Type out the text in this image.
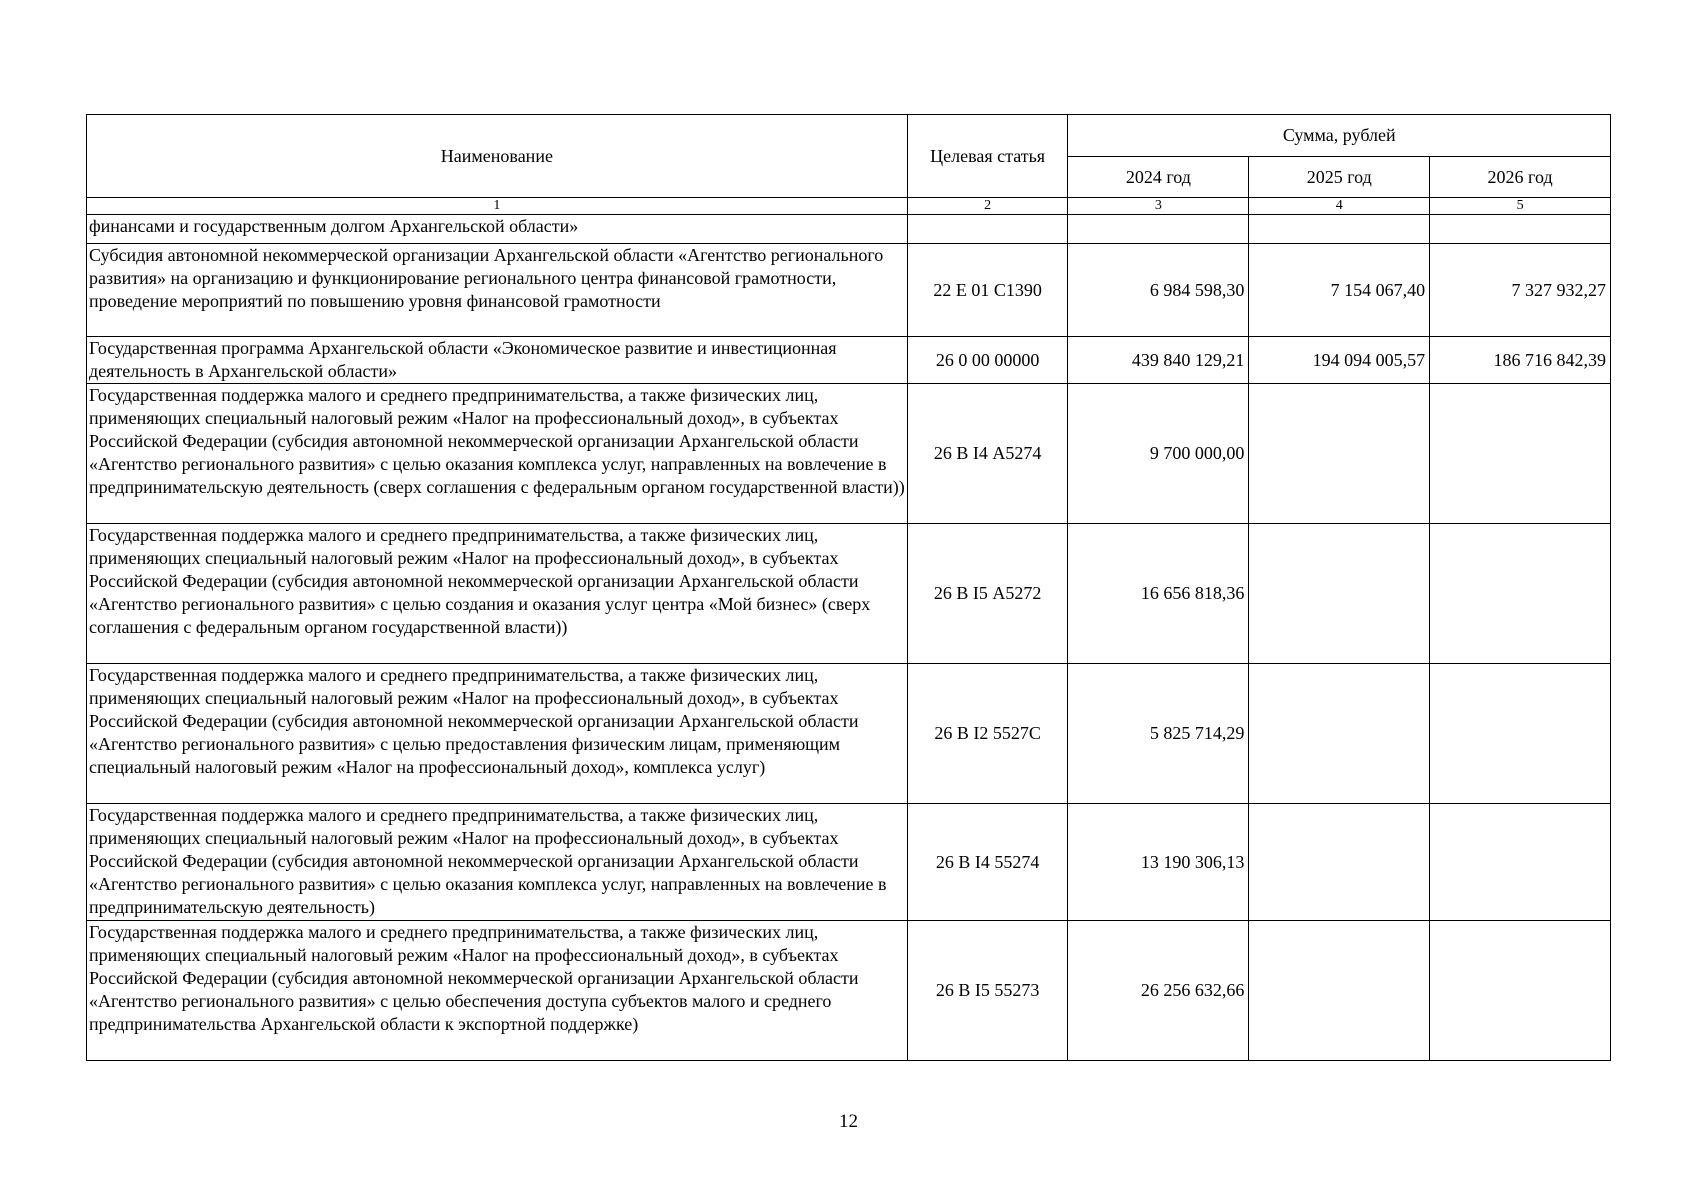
Наименование	Целевая статья	Сумма, рублей		
		2024 год	2025 год	2026 год
1	2	3	4	5
финансами и государственным долгом Архангельской области»				
Субсидия автономной некоммерческой организации Архангельской области «Агентство регионального развития» на организацию и функционирование регионального центра финансовой грамотности, проведение мероприятий по повышению уровня финансовой грамотности	22 Е 01 С1390	6 984 598,30	7 154 067,40	7 327 932,27
Государственная программа Архангельской области «Экономическое развитие и инвестиционная деятельность в Архангельской области»	26 0 00 00000	439 840 129,21	194 094 005,57	186 716 842,39
Государственная поддержка малого и среднего предпринимательства, а также физических лиц, применяющих специальный налоговый режим «Налог на профессиональный доход», в субъектах Российской Федерации (субсидия автономной некоммерческой организации Архангельской области «Агентство регионального развития» с целью оказания комплекса услуг, направленных на вовлечение в предпринимательскую деятельность (сверх соглашения с федеральным органом государственной власти))	26 В I4 А5274	9 700 000,00		
Государственная поддержка малого и среднего предпринимательства, а также физических лиц, применяющих специальный налоговый режим «Налог на профессиональный доход», в субъектах Российской Федерации (субсидия автономной некоммерческой организации Архангельской области «Агентство регионального развития» с целью создания и оказания услуг центра «Мой бизнес» (сверх соглашения с федеральным органом государственной власти))	26 В I5 А5272	16 656 818,36		
Государственная поддержка малого и среднего предпринимательства, а также физических лиц, применяющих специальный налоговый режим «Налог на профессиональный доход», в субъектах Российской Федерации (субсидия автономной некоммерческой организации Архангельской области «Агентство регионального развития» с целью предоставления физическим лицам, применяющим специальный налоговый режим «Налог на профессиональный доход», комплекса услуг)	26 В I2 5527С	5 825 714,29		
Государственная поддержка малого и среднего предпринимательства, а также физических лиц, применяющих специальный налоговый режим «Налог на профессиональный доход», в субъектах Российской Федерации (субсидия автономной некоммерческой организации Архангельской области «Агентство регионального развития» с целью оказания комплекса услуг, направленных на вовлечение в предпринимательскую деятельность)	26 В I4 55274	13 190 306,13		
Государственная поддержка малого и среднего предпринимательства, а также физических лиц, применяющих специальный налоговый режим «Налог на профессиональный доход», в субъектах Российской Федерации (субсидия автономной некоммерческой организации Архангельской области «Агентство регионального развития» с целью обеспечения доступа субъектов малого и среднего предпринимательства Архангельской области к экспортной поддержке)	26 В I5 55273	26 256 632,66		
12
